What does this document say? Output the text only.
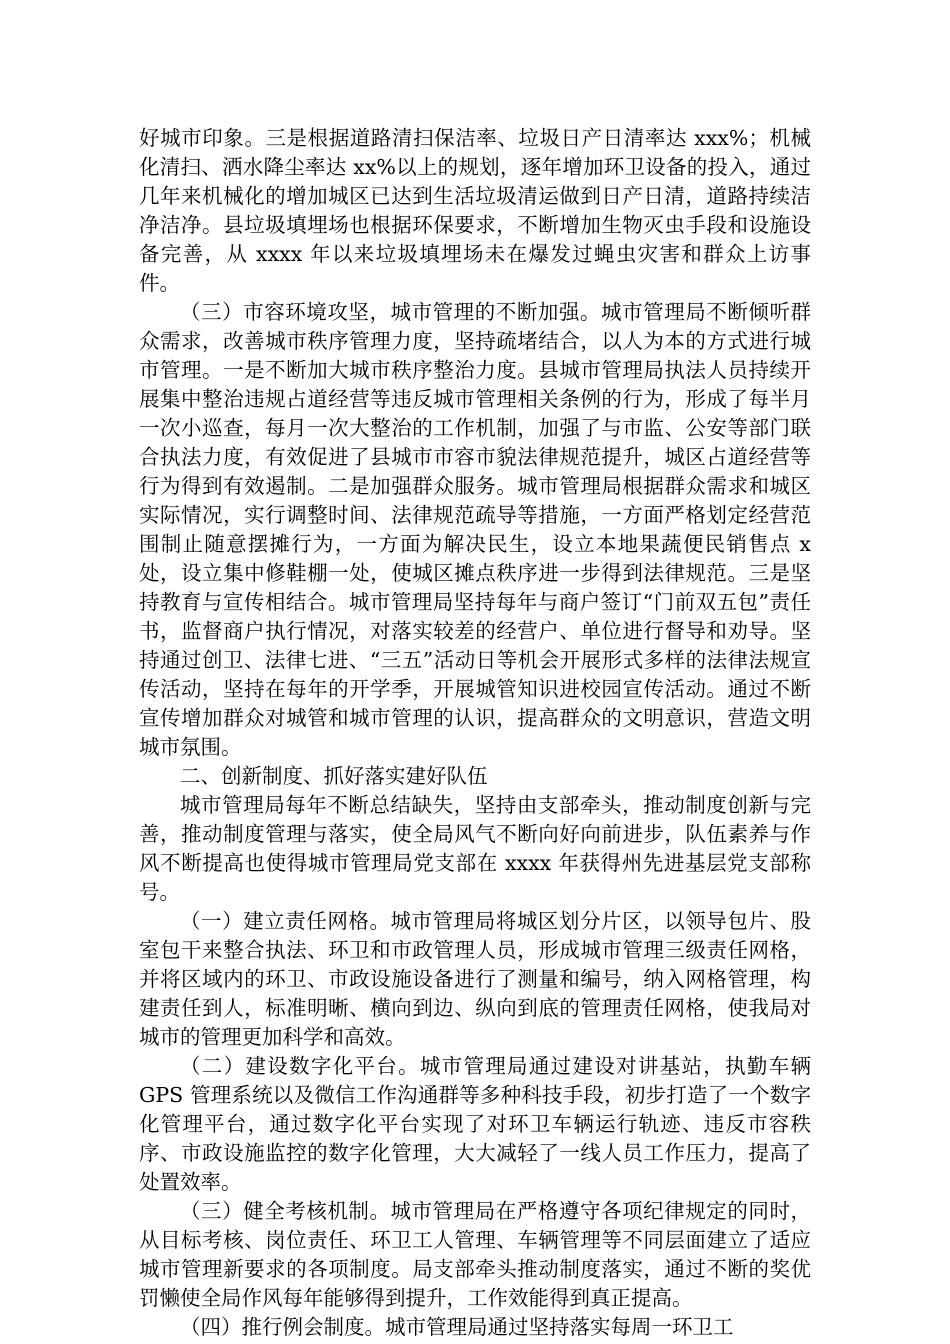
好城市印象。三是根据道路清扫保洁率、垃圾日产日清率达 xxx%；机械化清扫、洒水降尘率达 xx%以上的规划，逐年增加环卫设备的投入，通过几年来机械化的增加城区已达到生活垃圾清运做到日产日清，道路持续洁净洁净。县垃圾填埋场也根据环保要求，不断增加生物灭虫手段和设施设备完善，从 xxxx 年以来垃圾填埋场未在爆发过蝇虫灾害和群众上访事件。

（三）市容环境攻坚，城市管理的不断加强。城市管理局不断倾听群众需求，改善城市秩序管理力度，坚持疏堵结合，以人为本的方式进行城市管理。一是不断加大城市秩序整治力度。县城市管理局执法人员持续开展集中整治违规占道经营等违反城市管理相关条例的行为，形成了每半月一次小巡查，每月一次大整治的工作机制，加强了与市监、公安等部门联合执法力度，有效促进了县城市市容市貌法律规范提升，城区占道经营等行为得到有效遏制。二是加强群众服务。城市管理局根据群众需求和城区实际情况，实行调整时间、法律规范疏导等措施，一方面严格划定经营范围制止随意摆摊行为，一方面为解决民生，设立本地果蔬便民销售点 x 处，设立集中修鞋棚一处，使城区摊点秩序进一步得到法律规范。三是坚持教育与宣传相结合。城市管理局坚持每年与商户签订“门前双五包”责任书，监督商户执行情况，对落实较差的经营户、单位进行督导和劝导。坚持通过创卫、法律七进、“三五”活动日等机会开展形式多样的法律法规宣传活动，坚持在每年的开学季，开展城管知识进校园宣传活动。通过不断宣传增加群众对城管和城市管理的认识，提高群众的文明意识，营造文明城市氛围。

二、创新制度、抓好落实建好队伍

城市管理局每年不断总结缺失，坚持由支部牵头，推动制度创新与完善，推动制度管理与落实，使全局风气不断向好向前进步，队伍素养与作风不断提高也使得城市管理局党支部在 xxxx 年获得州先进基层党支部称号。

（一）建立责任网格。城市管理局将城区划分片区，以领导包片、股室包干来整合执法、环卫和市政管理人员，形成城市管理三级责任网格，并将区域内的环卫、市政设施设备进行了测量和编号，纳入网格管理，构建责任到人，标准明晰、横向到边、纵向到底的管理责任网格，使我局对城市的管理更加科学和高效。

（二）建设数字化平台。城市管理局通过建设对讲基站，执勤车辆 GPS 管理系统以及微信工作沟通群等多种科技手段，初步打造了一个数字化管理平台，通过数字化平台实现了对环卫车辆运行轨迹、违反市容秩序、市政设施监控的数字化管理，大大减轻了一线人员工作压力，提高了处置效率。

（三）健全考核机制。城市管理局在严格遵守各项纪律规定的同时，从目标考核、岗位责任、环卫工人管理、车辆管理等不同层面建立了适应城市管理新要求的各项制度。局支部牵头推动制度落实，通过不断的奖优罚懒使全局作风每年能够得到提升，工作效能得到真正提高。

（四）推行例会制度。城市管理局通过坚持落实每周一环卫工
